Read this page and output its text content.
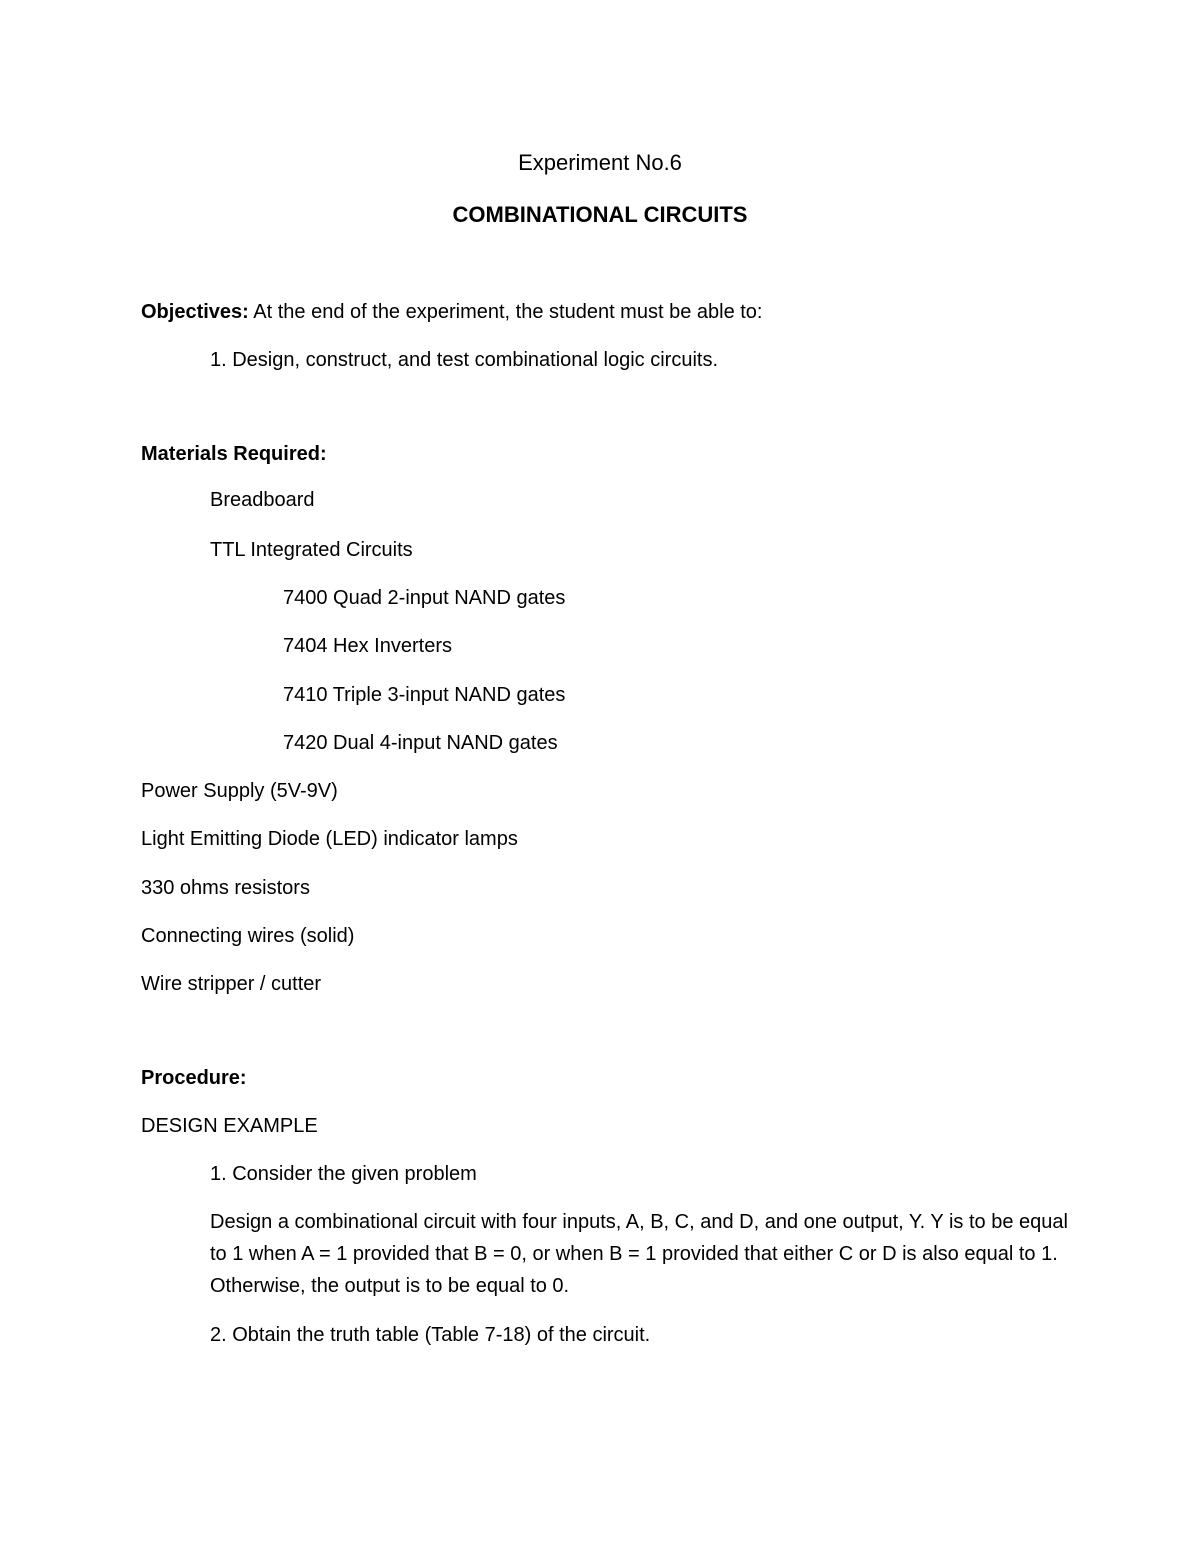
Experiment No.6
COMBINATIONAL CIRCUITS
Objectives: At the end of the experiment, the student must be able to:
1. Design, construct, and test combinational logic circuits.
Materials Required:
Breadboard
TTL Integrated Circuits
7400 Quad 2-input NAND gates
7404 Hex Inverters
7410 Triple 3-input NAND gates
7420 Dual 4-input NAND gates
Power Supply (5V-9V)
Light Emitting Diode (LED) indicator lamps
330 ohms resistors
Connecting wires (solid)
Wire stripper / cutter
Procedure:
DESIGN EXAMPLE
1. Consider the given problem
Design a combinational circuit with four inputs, A, B, C, and D, and one output, Y. Y is to be equal to 1 when A = 1 provided that B = 0, or when B = 1 provided that either C or D is also equal to 1. Otherwise, the output is to be equal to 0.
2. Obtain the truth table (Table 7-18) of the circuit.
